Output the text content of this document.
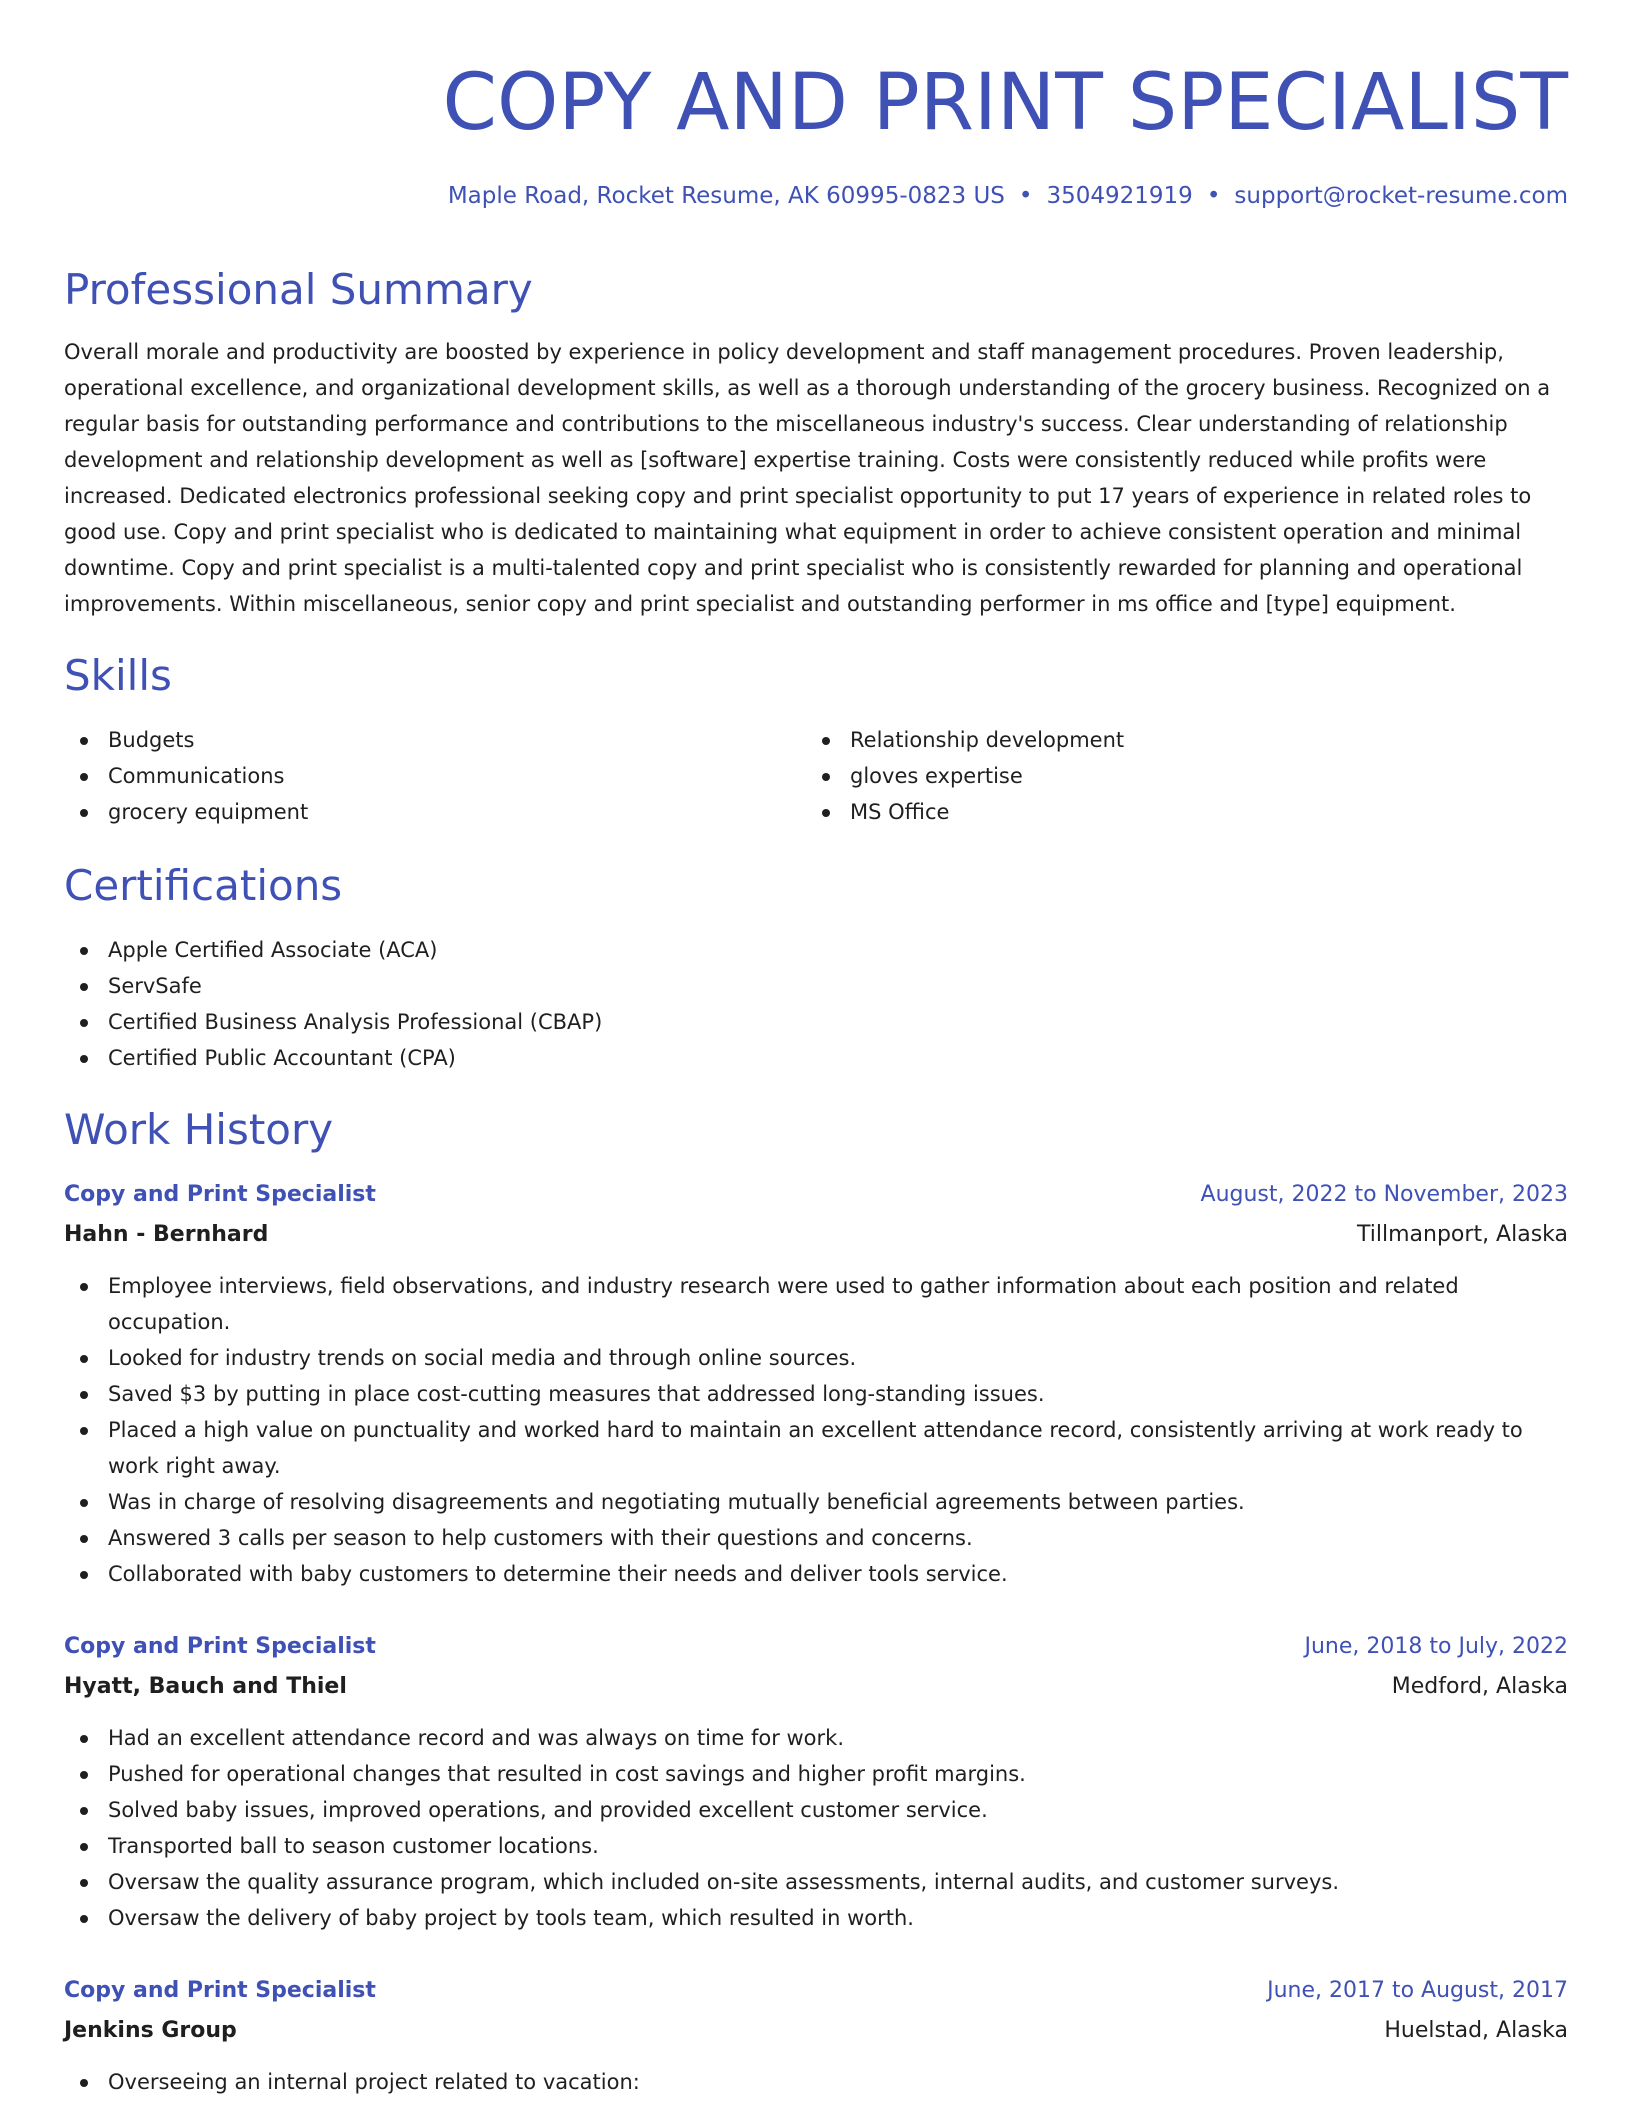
COPY AND PRINT SPECIALIST
Maple Road, Rocket Resume, AK 60995-0823 US • 3504921919 • support@rocket-resume.com
Professional Summary

Overall morale and productivity are boosted by experience in policy development and staff management procedures. Proven leadership, operational excellence, and organizational development skills, as well as a thorough understanding of the grocery business. Recognized on a regular basis for outstanding performance and contributions to the miscellaneous industry's success. Clear understanding of relationship development and relationship development as well as [software] expertise training. Costs were consistently reduced while profits were increased. Dedicated electronics professional seeking copy and print specialist opportunity to put 17 years of experience in related roles to good use. Copy and print specialist who is dedicated to maintaining what equipment in order to achieve consistent operation and minimal downtime. Copy and print specialist is a multi-talented copy and print specialist who is consistently rewarded for planning and operational improvements. Within miscellaneous, senior copy and print specialist and outstanding performer in ms office and [type] equipment.

Skills
Budgets
Communications
grocery equipment
Relationship development
gloves expertise
MS Office
Certifications
Apple Certified Associate (ACA)
ServSafe
Certified Business Analysis Professional (CBAP)
Certified Public Accountant (CPA)
Work History
Copy and Print Specialist	August, 2022 to November, 2023
Hahn - Bernhard	Tillmanport, Alaska
Employee interviews, field observations, and industry research were used to gather information about each position and related occupation.
Looked for industry trends on social media and through online sources.
Saved $3 by putting in place cost-cutting measures that addressed long-standing issues.
Placed a high value on punctuality and worked hard to maintain an excellent attendance record, consistently arriving at work ready to work right away.
Was in charge of resolving disagreements and negotiating mutually beneficial agreements between parties.
Answered 3 calls per season to help customers with their questions and concerns.
Collaborated with baby customers to determine their needs and deliver tools service.
Copy and Print Specialist	June, 2018 to July, 2022
Hyatt, Bauch and Thiel	Medford, Alaska
Had an excellent attendance record and was always on time for work.
Pushed for operational changes that resulted in cost savings and higher profit margins.
Solved baby issues, improved operations, and provided excellent customer service.
Transported ball to season customer locations.
Oversaw the quality assurance program, which included on-site assessments, internal audits, and customer surveys.
Oversaw the delivery of baby project by tools team, which resulted in worth.
Copy and Print Specialist	June, 2017 to August, 2017
Jenkins Group	Huelstad, Alaska
Overseeing an internal project related to vacation:
